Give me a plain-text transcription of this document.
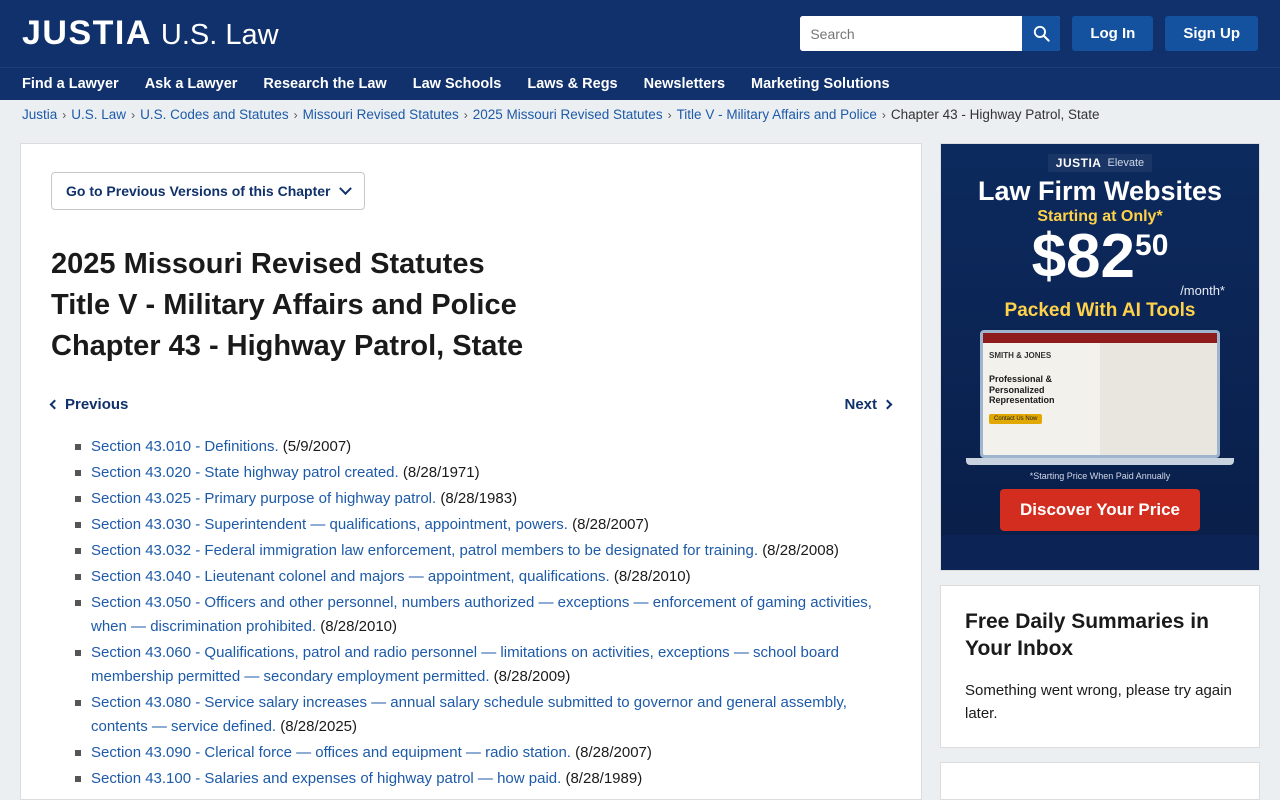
JUSTIA U.S. Law
Search	Log In	Sign Up
Find a Lawyer Ask a Lawyer Research the Law Law Schools Laws & Regs Newsletters Marketing Solutions
Justia › U.S. Law › U.S. Codes and Statutes › Missouri Revised Statutes › 2025 Missouri Revised Statutes › Title V - Military Affairs and Police › Chapter 43 - Highway Patrol, State
Go to Previous Versions of this Chapter
2025 Missouri Revised Statutes
Title V - Military Affairs and Police
Chapter 43 - Highway Patrol, State
Previous	Next
Section 43.010 - Definitions. (5/9/2007)
Section 43.020 - State highway patrol created. (8/28/1971)
Section 43.025 - Primary purpose of highway patrol. (8/28/1983)
Section 43.030 - Superintendent — qualifications, appointment, powers. (8/28/2007)
Section 43.032 - Federal immigration law enforcement, patrol members to be designated for training. (8/28/2008)
Section 43.040 - Lieutenant colonel and majors — appointment, qualifications. (8/28/2010)
Section 43.050 - Officers and other personnel, numbers authorized — exceptions — enforcement of gaming activities, when — discrimination prohibited. (8/28/2010)
Section 43.060 - Qualifications, patrol and radio personnel — limitations on activities, exceptions — school board membership permitted — secondary employment permitted. (8/28/2009)
Section 43.080 - Service salary increases — annual salary schedule submitted to governor and general assembly, contents — service defined. (8/28/2025)
Section 43.090 - Clerical force — offices and equipment — radio station. (8/28/2007)
Section 43.100 - Salaries and expenses of highway patrol — how paid. (8/28/1989)
JUSTIA Elevate
Law Firm Websites
Starting at Only*
$82 50
/month*
Packed With AI Tools
SMITH & JONES
Professional & Personalized Representation
Contact Us Now
*Starting Price When Paid Annually
Discover Your Price
Free Daily Summaries in Your Inbox

Something went wrong, please try again later.
